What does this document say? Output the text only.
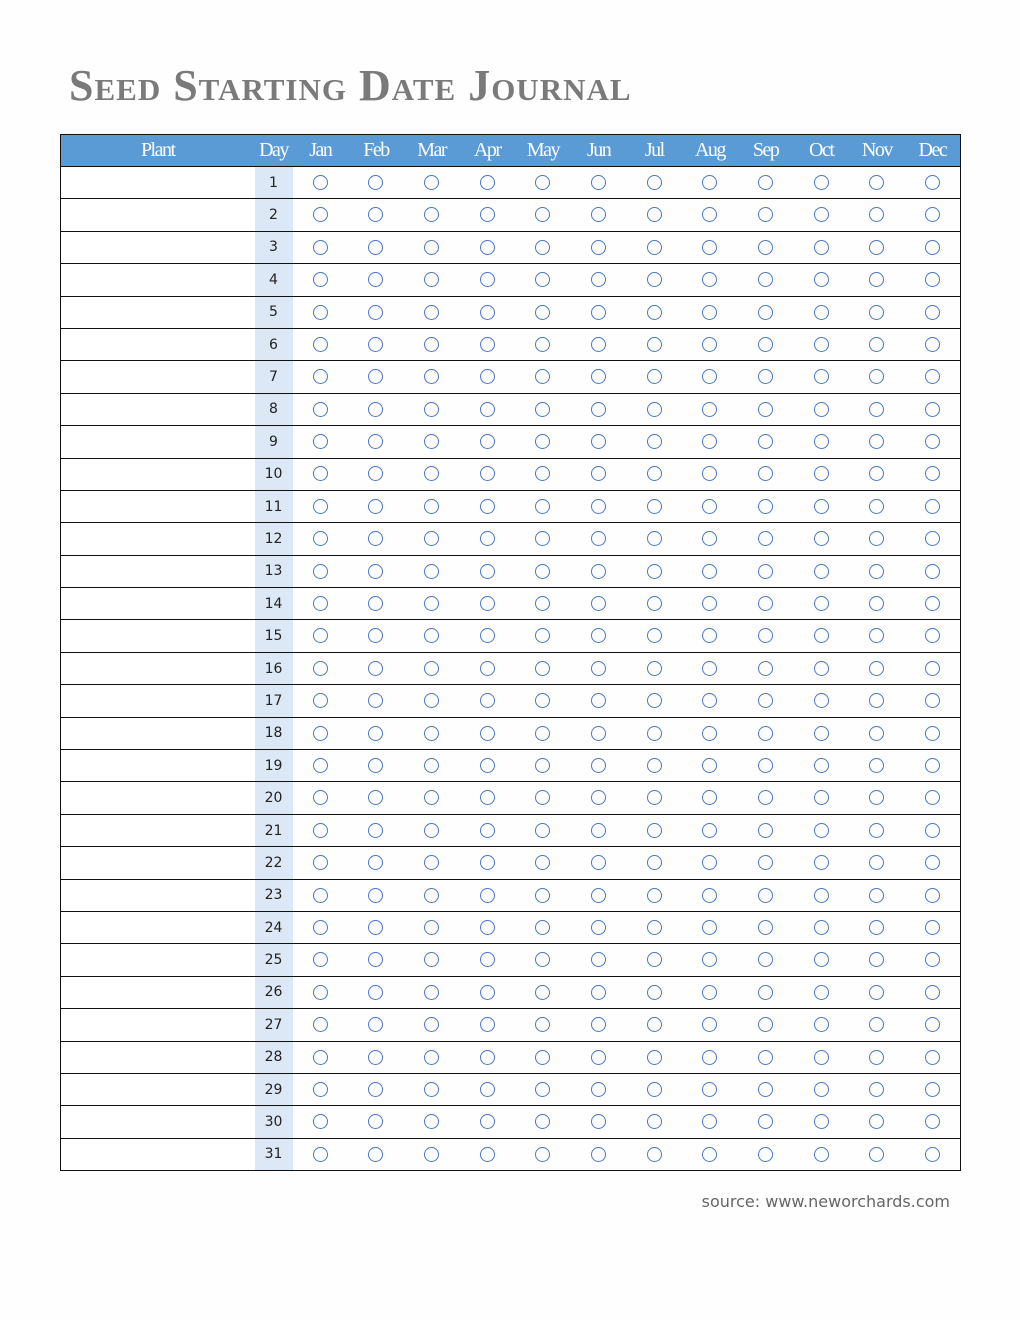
Seed Starting Date Journal
Plant	Day	Jan	Feb	Mar	Apr	May	Jun	Jul	Aug	Sep	Oct	Nov	Dec
	1												
	2												
	3												
	4												
	5												
	6												
	7												
	8												
	9												
	10												
	11												
	12												
	13												
	14												
	15												
	16												
	17												
	18												
	19												
	20												
	21												
	22												
	23												
	24												
	25												
	26												
	27												
	28												
	29												
	30												
	31												
source: www.neworchards.com
